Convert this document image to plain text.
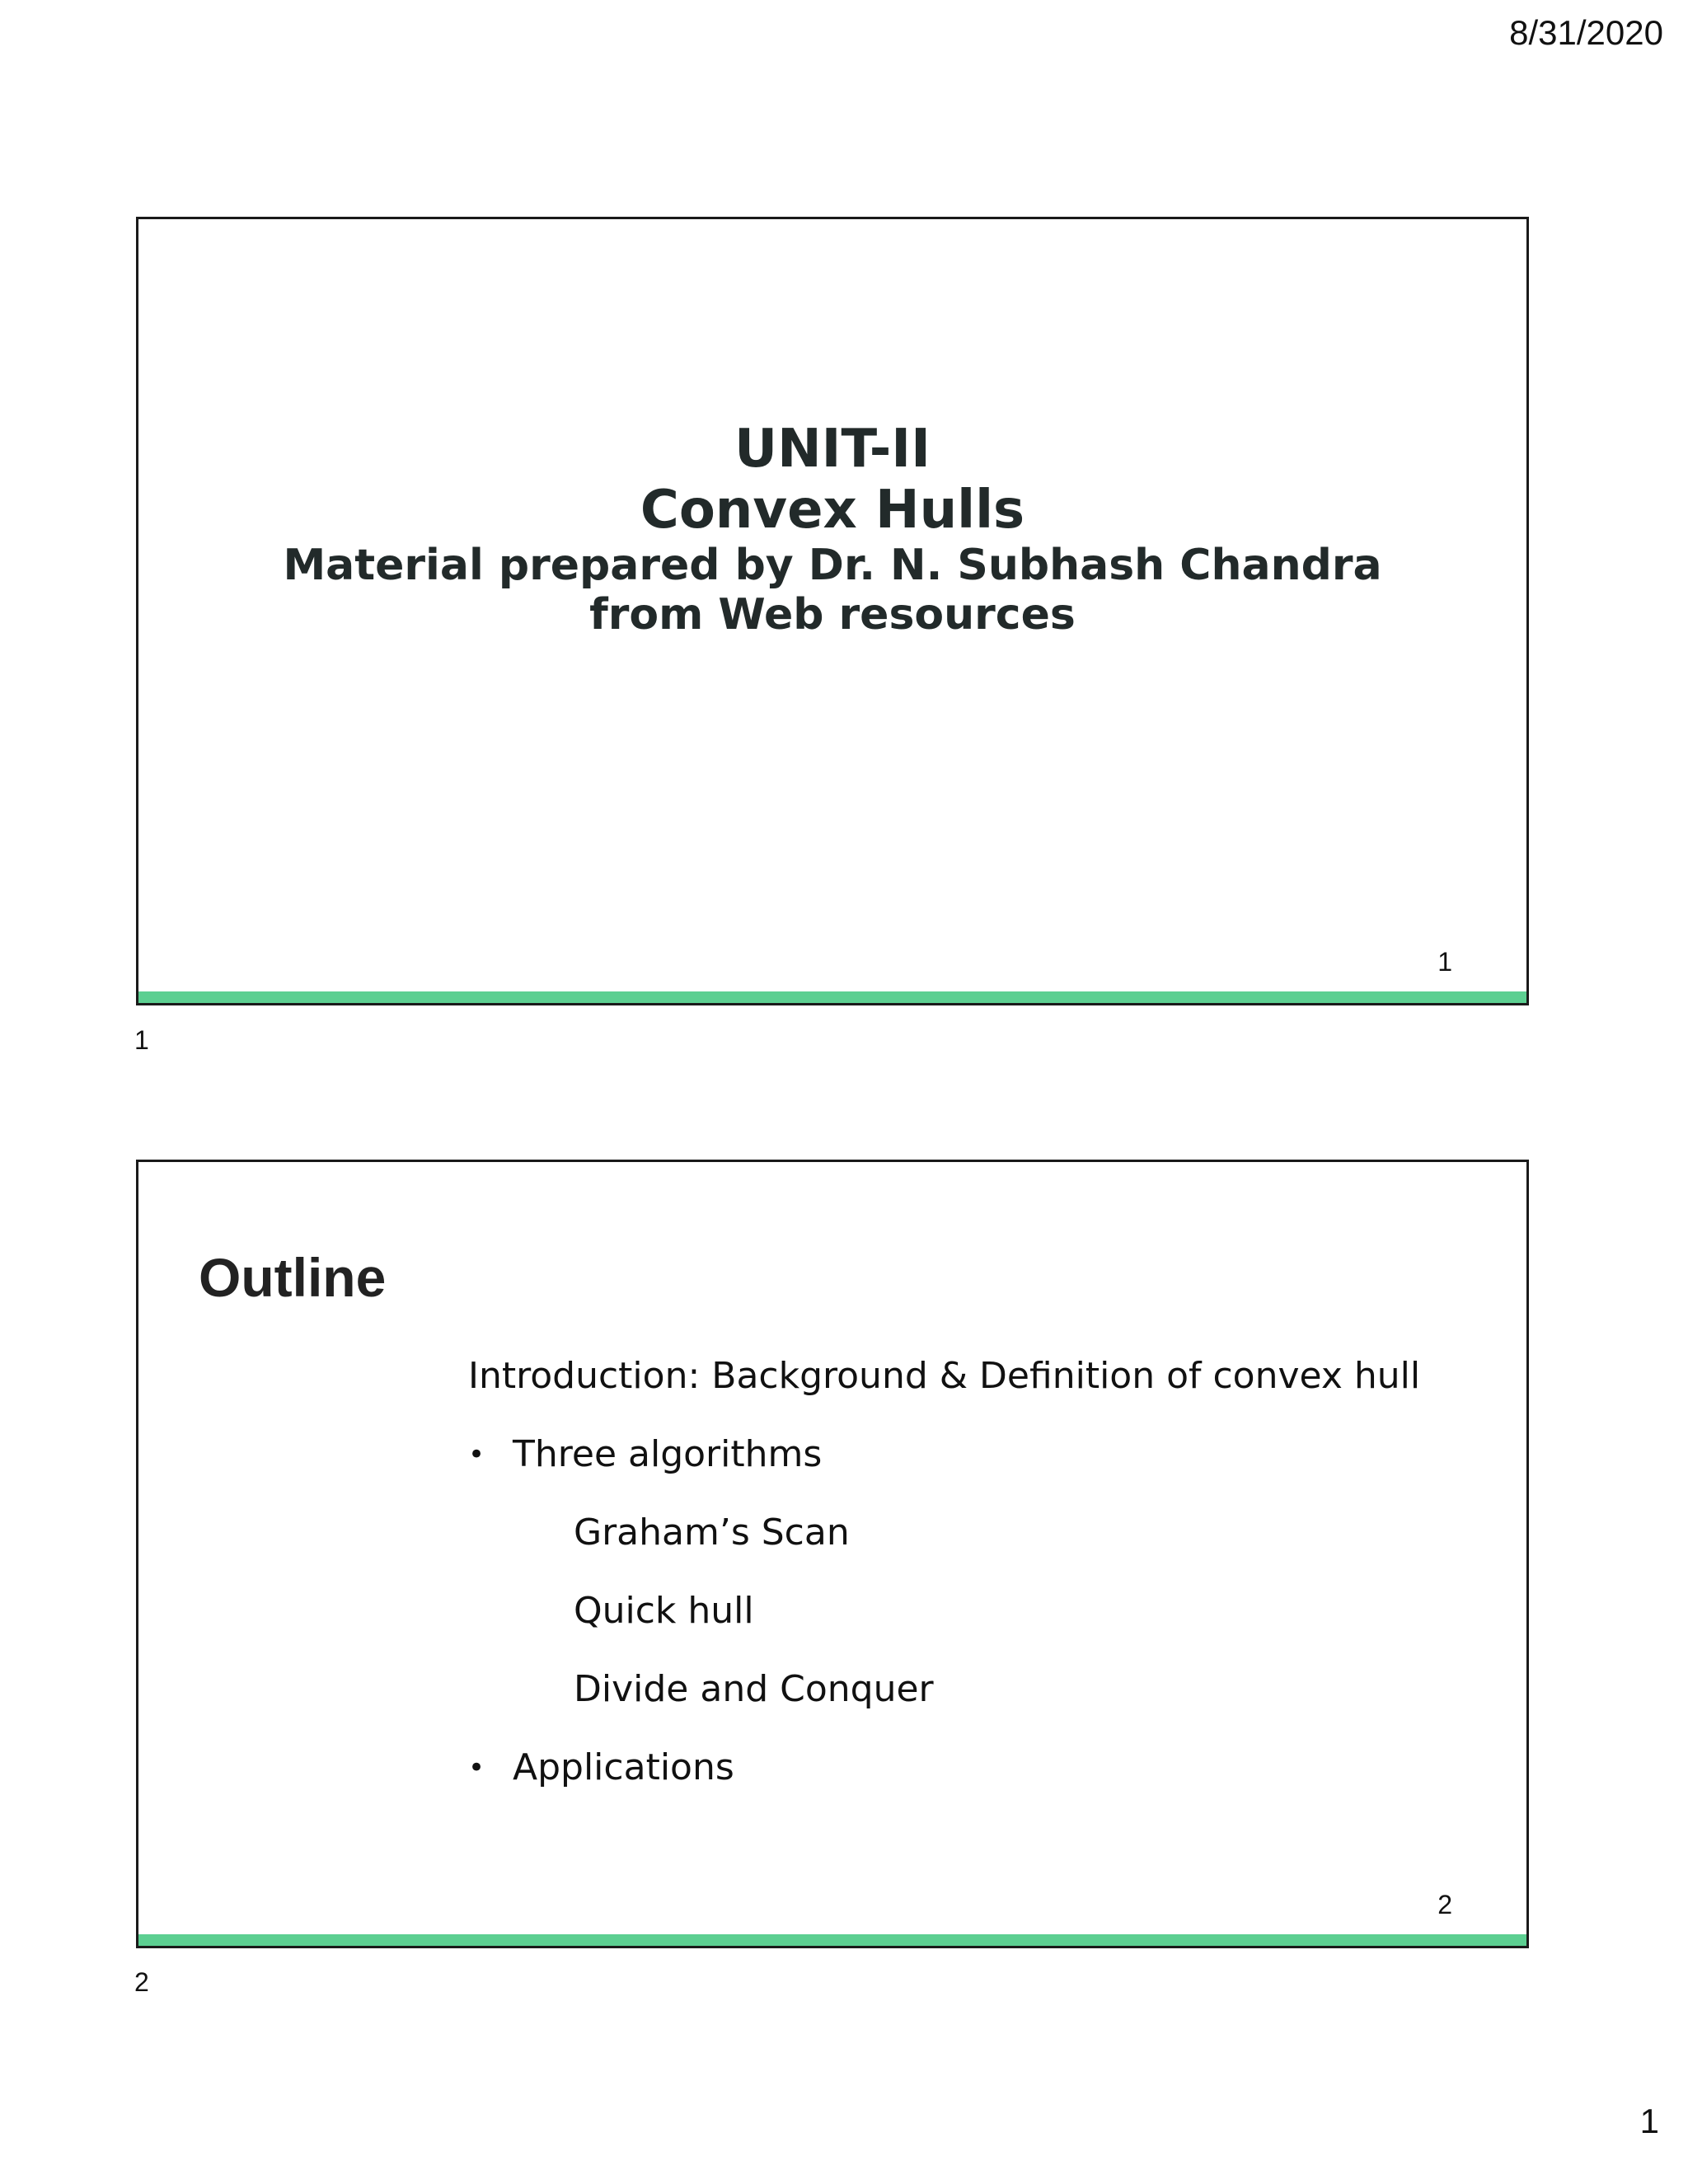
8/31/2020
UNIT-II
Convex Hulls
Material prepared by Dr. N. Subhash Chandra
from Web resources
1
1
Outline
Introduction: Background & Definition of convex hull
• Three algorithms
Graham’s Scan
Quick hull
Divide and Conquer
• Applications
2
2
1
